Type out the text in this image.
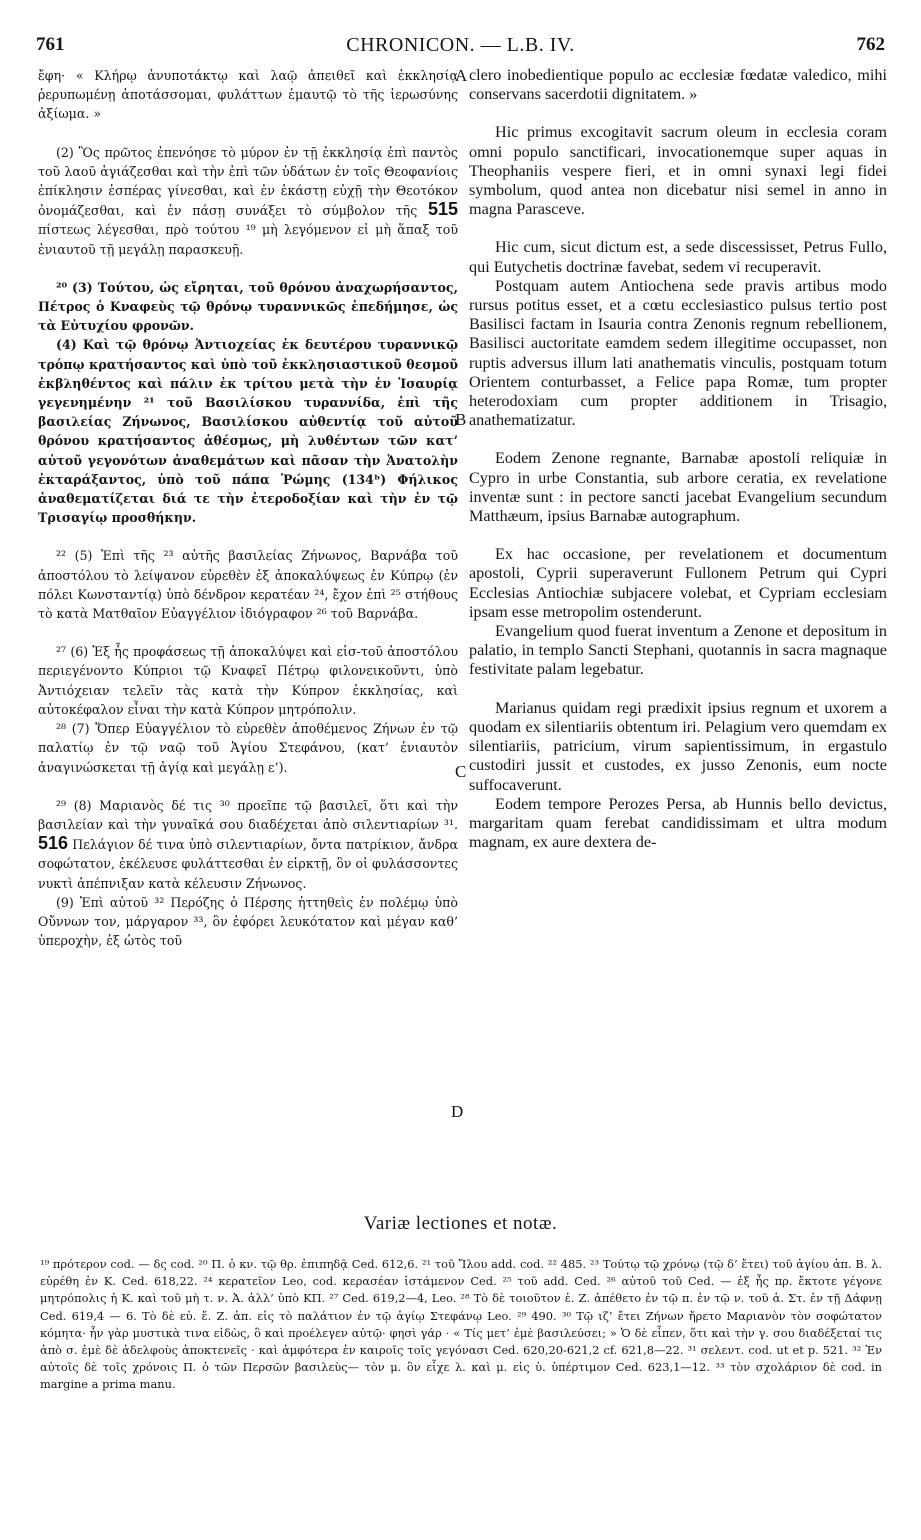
761	CHRONICON. — L.B. IV.	762
A
B
C
D

ἔφη· « Κλήρῳ ἀνυποτάκτῳ καὶ λαῷ ἀπειθεῖ καὶ ἐκκλησίᾳ ῥερυπωμένῃ ἀποτάσσομαι, φυλάττων ἐμαυτῷ τὸ τῆς ἱερωσύνης ἀξίωμα. »

(2) Ὃς πρῶτος ἐπενόησε τὸ μύρον ἐν τῇ ἐκκλησίᾳ ἐπὶ παντὸς τοῦ λαοῦ ἁγιάζεσθαι καὶ τὴν ἐπὶ τῶν ὑδάτων ἐν τοῖς Θεοφανίοις ἐπίκλησιν ἑσπέρας γίνεσθαι, καὶ ἐν ἑκάστῃ εὐχῇ τὴν Θεοτόκον ὀνομάζεσθαι, καὶ ἐν πάσῃ συνάξει τὸ σύμβολον τῆς 515 πίστεως λέγεσθαι, πρὸ τούτου ¹⁹ μὴ λεγόμενον εἰ μὴ ἅπαξ τοῦ ἐνιαυτοῦ τῇ μεγάλῃ παρασκευῇ.

²⁰ (3) Τούτου, ὡς εἴρηται, τοῦ θρόνου ἀναχωρήσαντος, Πέτρος ὁ Κναφεὺς τῷ θρόνῳ τυραννικῶς ἐπεδήμησε, ὡς τὰ Εὐτυχίου φρονῶν.

(4) Καὶ τῷ θρόνῳ Ἀντιοχείας ἐκ δευτέρου τυραννικῷ τρόπῳ κρατήσαντος καὶ ὑπὸ τοῦ ἐκκλησιαστικοῦ θεσμοῦ ἐκβληθέντος καὶ πάλιν ἐκ τρίτου μετὰ τὴν ἐν Ἰσαυρίᾳ γεγενημένην ²¹ τοῦ Βασιλίσκου τυραννίδα, ἐπὶ τῆς βασιλείας Ζήνωνος, Βασιλίσκου αὐθεντίᾳ τοῦ αὐτοῦ θρόνου κρατήσαντος ἀθέσμως, μὴ λυθέντων τῶν κατ’ αὐτοῦ γεγονότων ἀναθεμάτων καὶ πᾶσαν τὴν Ἀνατολὴν ἐκταράξαντος, ὑπὸ τοῦ πάπα Ῥώμης (134ᵇ) Φήλικος ἀναθεματίζεται διά τε τὴν ἑτεροδοξίαν καὶ τὴν ἐν τῷ Τρισαγίῳ προσθήκην.

²² (5) Ἐπὶ τῆς ²³ αὐτῆς βασιλείας Ζήνωνος, Βαρνάβα τοῦ ἀποστόλου τὸ λείψανον εὑρεθὲν ἐξ ἀποκαλύψεως ἐν Κύπρῳ (ἐν πόλει Κωνσταντίᾳ) ὑπὸ δένδρον κερατέαν ²⁴, ἔχον ἐπὶ ²⁵ στήθους τὸ κατὰ Ματθαῖον Εὐαγγέλιον ἰδιόγραφον ²⁶ τοῦ Βαρνάβα.

²⁷ (6) Ἐξ ἧς προφάσεως τῇ ἀποκαλύψει καὶ εἰσ-τοῦ ἀποστόλου περιεγένοντο Κύπριοι τῷ Κναφεῖ Πέτρῳ φιλονεικοῦντι, ὑπὸ Ἀντιόχειαν τελεῖν τὰς κατὰ τὴν Κύπρον ἐκκλησίας, καὶ αὐτοκέφαλον εἶναι τὴν κατὰ Κύπρον μητρόπολιν.

²⁸ (7) Ὅπερ Εὐαγγέλιον τὸ εὑρεθὲν ἀποθέμενος Ζήνων ἐν τῷ παλατίῳ ἐν τῷ ναῷ τοῦ Ἁγίου Στεφάνου, (κατ’ ἐνιαυτὸν ἀναγινώσκεται τῇ ἁγίᾳ καὶ μεγάλῃ ε’).

²⁹ (8) Μαριανὸς δέ τις ³⁰ προεῖπε τῷ βασιλεῖ, ὅτι καὶ τὴν βασιλείαν καὶ τὴν γυναῖκά σου διαδέχεται ἀπὸ σιλεντιαρίων ³¹. 516 Πελάγιον δέ τινα ὑπὸ σιλεντιαρίων, ὄντα πατρίκιον, ἄνδρα σοφώτατον, ἐκέλευσε φυλάττεσθαι ἐν εἱρκτῇ, ὃν οἱ φυλάσσοντες νυκτὶ ἀπέπνιξαν κατὰ κέλευσιν Ζήνωνος.

(9) Ἐπὶ αὐτοῦ ³² Περόζης ὁ Πέρσης ἡττηθεὶς ἐν πολέμῳ ὑπὸ Οὔννων τον, μάργαρον ³³, ὃν ἐφόρει λευκότατον καὶ μέγαν καθ’ ὑπεροχὴν, ἐξ ὠτὸς τοῦ

clero inobedientique populo ac ecclesiæ fœdatæ valedico, mihi conservans sacerdotii dignitatem. »

Hic primus excogitavit sacrum oleum in ecclesia coram omni populo sanctificari, invocationemque super aquas in Theophaniis vespere fieri, et in omni synaxi legi fidei symbolum, quod antea non dicebatur nisi semel in anno in magna Parasceve.

Hic cum, sicut dictum est, a sede discessisset, Petrus Fullo, qui Eutychetis doctrinæ favebat, sedem vi recuperavit.

Postquam autem Antiochena sede pravis artibus modo rursus potitus esset, et a cœtu ecclesiastico pulsus tertio post Basilisci factam in Isauria contra Zenonis regnum rebellionem, Basilisci auctoritate eamdem sedem illegitime occupasset, non ruptis adversus illum lati anathematis vinculis, postquam totum Orientem conturbasset, a Felice papa Romæ, tum propter heterodoxiam cum propter additionem in Trisagio, anathematizatur.

Eodem Zenone regnante, Barnabæ apostoli reliquiæ in Cypro in urbe Constantia, sub arbore ceratia, ex revelatione inventæ sunt : in pectore sancti jacebat Evangelium secundum Matthæum, ipsius Barnabæ autographum.

Ex hac occasione, per revelationem et documentum apostoli, Cyprii superaverunt Fullonem Petrum qui Cypri Ecclesias Antiochiæ subjacere volebat, et Cypriam ecclesiam ipsam esse metropolim ostenderunt.

Evangelium quod fuerat inventum a Zenone et depositum in palatio, in templo Sancti Stephani, quotannis in sacra magnaque festivitate palam legebatur.

Marianus quidam regi prædixit ipsius regnum et uxorem a quodam ex silentiariis obtentum iri. Pelagium vero quemdam ex silentiariis, patricium, virum sapientissimum, in ergastulo custodiri jussit et custodes, ex jusso Zenonis, eum nocte suffocaverunt.

Eodem tempore Perozes Persa, ab Hunnis bello devictus, margaritam quam ferebat candidissimam et ultra modum magnam, ex aure dextera de-

Variæ lectiones et notæ.

¹⁹ πρότερον cod. — δς cod. ²⁰ Π. ὁ κν. τῷ θρ. ἐπιπηδᾷ Ced. 612,6. ²¹ τοῦ Ἴλου add. cod. ²² 485. ²³ Τούτῳ τῷ χρόνῳ (τῷ δ’ ἔτει) τοῦ ἁγίου ἀπ. Β. λ. εὑρέθη ἐν Κ. Ced. 618,22. ²⁴ κερατεῖον Leo, cod. κερασέαν ἱστάμενον Ced. ²⁵ τοῦ add. Ced. ²⁶ αὐτοῦ τοῦ Ced. — ἐξ ἧς πρ. ἔκτοτε γέγονε μητρόπολις ἡ Κ. καὶ τοῦ μὴ τ. ν. Ἀ. ἀλλ’ ὑπὸ ΚΠ. ²⁷ Ced. 619,2—4, Leo. ²⁸ Τὸ δὲ τοιοῦτον ἑ. Ζ. ἀπέθετο ἐν τῷ π. ἐν τῷ ν. τοῦ ἁ. Στ. ἐν τῇ Δάφνῃ Ced. 619,4 — 6. Τὸ δὲ εὐ. ἔ. Ζ. ἀπ. εἰς τὸ παλάτιον ἐν τῷ ἁγίῳ Στεφάνῳ Leo. ²⁹ 490. ³⁰ Τῷ ιζ’ ἔτει Ζήνων ἤρετο Μαριανὸν τὸν σοφώτατον κόμητα· ἦν γὰρ μυστικὰ τινα εἰδὼς, ὃ καὶ προέλεγεν αὐτῷ· φησὶ γάρ · « Τίς μετ’ ἐμὲ βασιλεύσει; » Ὁ δὲ εἶπεν, ὅτι καὶ τὴν γ. σου διαδέξεταί τις ἀπὸ σ. ἐμὲ δὲ ἀδελφοὺς ἀποκτενεῖς · καὶ ἀμφότερα ἐν καιροῖς τοῖς γεγόνασι Ced. 620,20-621,2 cf. 621,8—22. ³¹ σελεντ. cod. ut et p. 521. ³² Ἐν αὐτοῖς δὲ τοῖς χρόνοις Π. ὁ τῶν Περσῶν βασιλεὺς— τὸν μ. ὃν εἶχε λ. καὶ μ. εἰς ὑ. ὑπέρτιμον Ced. 623,1—12. ³³ τὸν σχολάριον δὲ cod. in margine a prima manu.
